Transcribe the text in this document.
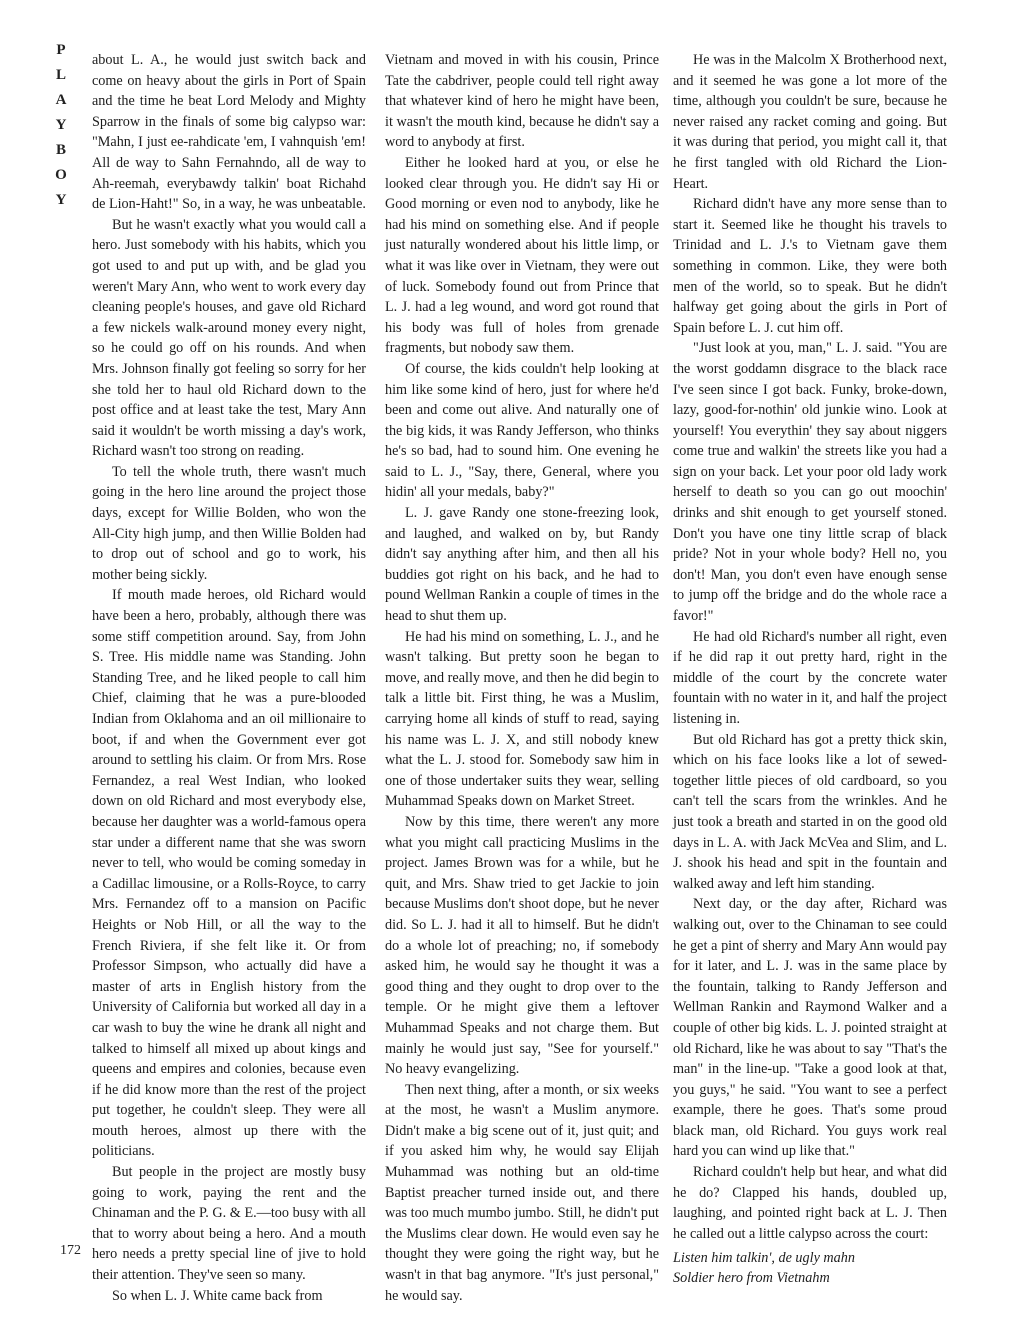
P
L
A
Y
B
O
Y

about L. A., he would just switch back and come on heavy about the girls in Port of Spain and the time he beat Lord Melody and Mighty Sparrow in the finals of some big calypso war: "Mahn, I just ee-rahdicate 'em, I vahnquish 'em! All de way to Sahn Fernahndo, all de way to Ah-reemah, everybawdy talkin' boat Richahd de Lion-Haht!" So, in a way, he was unbeatable.

But he wasn't exactly what you would call a hero. Just somebody with his habits, which you got used to and put up with, and be glad you weren't Mary Ann, who went to work every day cleaning people's houses, and gave old Richard a few nickels walk-around money every night, so he could go off on his rounds. And when Mrs. Johnson finally got feeling so sorry for her she told her to haul old Richard down to the post office and at least take the test, Mary Ann said it wouldn't be worth missing a day's work, Richard wasn't too strong on reading.

To tell the whole truth, there wasn't much going in the hero line around the project those days, except for Willie Bolden, who won the All-City high jump, and then Willie Bolden had to drop out of school and go to work, his mother being sickly.

If mouth made heroes, old Richard would have been a hero, probably, although there was some stiff competition around. Say, from John S. Tree. His middle name was Standing. John Standing Tree, and he liked people to call him Chief, claiming that he was a pure-blooded Indian from Oklahoma and an oil millionaire to boot, if and when the Government ever got around to settling his claim. Or from Mrs. Rose Fernandez, a real West Indian, who looked down on old Richard and most everybody else, because her daughter was a world-famous opera star under a different name that she was sworn never to tell, who would be coming someday in a Cadillac limousine, or a Rolls-Royce, to carry Mrs. Fernandez off to a mansion on Pacific Heights or Nob Hill, or all the way to the French Riviera, if she felt like it. Or from Professor Simpson, who actually did have a master of arts in English history from the University of California but worked all day in a car wash to buy the wine he drank all night and talked to himself all mixed up about kings and queens and empires and colonies, because even if he did know more than the rest of the project put together, he couldn't sleep. They were all mouth heroes, almost up there with the politicians.

But people in the project are mostly busy going to work, paying the rent and the Chinaman and the P. G. & E.—too busy with all that to worry about being a hero. And a mouth hero needs a pretty special line of jive to hold their attention. They've seen so many.

So when L. J. White came back from

Vietnam and moved in with his cousin, Prince Tate the cabdriver, people could tell right away that whatever kind of hero he might have been, it wasn't the mouth kind, because he didn't say a word to anybody at first.

Either he looked hard at you, or else he looked clear through you. He didn't say Hi or Good morning or even nod to anybody, like he had his mind on something else. And if people just naturally wondered about his little limp, or what it was like over in Vietnam, they were out of luck. Somebody found out from Prince that L. J. had a leg wound, and word got round that his body was full of holes from grenade fragments, but nobody saw them.

Of course, the kids couldn't help looking at him like some kind of hero, just for where he'd been and come out alive. And naturally one of the big kids, it was Randy Jefferson, who thinks he's so bad, had to sound him. One evening he said to L. J., "Say, there, General, where you hidin' all your medals, baby?"

L. J. gave Randy one stone-freezing look, and laughed, and walked on by, but Randy didn't say anything after him, and then all his buddies got right on his back, and he had to pound Wellman Rankin a couple of times in the head to shut them up.

He had his mind on something, L. J., and he wasn't talking. But pretty soon he began to move, and really move, and then he did begin to talk a little bit. First thing, he was a Muslim, carrying home all kinds of stuff to read, saying his name was L. J. X, and still nobody knew what the L. J. stood for. Somebody saw him in one of those undertaker suits they wear, selling Muhammad Speaks down on Market Street.

Now by this time, there weren't any more what you might call practicing Muslims in the project. James Brown was for a while, but he quit, and Mrs. Shaw tried to get Jackie to join because Muslims don't shoot dope, but he never did. So L. J. had it all to himself. But he didn't do a whole lot of preaching; no, if somebody asked him, he would say he thought it was a good thing and they ought to drop over to the temple. Or he might give them a leftover Muhammad Speaks and not charge them. But mainly he would just say, "See for yourself." No heavy evangelizing.

Then next thing, after a month, or six weeks at the most, he wasn't a Muslim anymore. Didn't make a big scene out of it, just quit; and if you asked him why, he would say Elijah Muhammad was nothing but an old-time Baptist preacher turned inside out, and there was too much mumbo jumbo. Still, he didn't put the Muslims clear down. He would even say he thought they were going the right way, but he wasn't in that bag anymore. "It's just personal," he would say.

He was in the Malcolm X Brotherhood next, and it seemed he was gone a lot more of the time, although you couldn't be sure, because he never raised any racket coming and going. But it was during that period, you might call it, that he first tangled with old Richard the Lion-Heart.

Richard didn't have any more sense than to start it. Seemed like he thought his travels to Trinidad and L. J.'s to Vietnam gave them something in common. Like, they were both men of the world, so to speak. But he didn't halfway get going about the girls in Port of Spain before L. J. cut him off.

"Just look at you, man," L. J. said. "You are the worst goddamn disgrace to the black race I've seen since I got back. Funky, broke-down, lazy, good-for-nothin' old junkie wino. Look at yourself! You everythin' they say about niggers come true and walkin' the streets like you had a sign on your back. Let your poor old lady work herself to death so you can go out moochin' drinks and shit enough to get yourself stoned. Don't you have one tiny little scrap of black pride? Not in your whole body? Hell no, you don't! Man, you don't even have enough sense to jump off the bridge and do the whole race a favor!"

He had old Richard's number all right, even if he did rap it out pretty hard, right in the middle of the court by the concrete water fountain with no water in it, and half the project listening in.

But old Richard has got a pretty thick skin, which on his face looks like a lot of sewed-together little pieces of old cardboard, so you can't tell the scars from the wrinkles. And he just took a breath and started in on the good old days in L. A. with Jack McVea and Slim, and L. J. shook his head and spit in the fountain and walked away and left him standing.

Next day, or the day after, Richard was walking out, over to the Chinaman to see could he get a pint of sherry and Mary Ann would pay for it later, and L. J. was in the same place by the fountain, talking to Randy Jefferson and Wellman Rankin and Raymond Walker and a couple of other big kids. L. J. pointed straight at old Richard, like he was about to say "That's the man" in the line-up. "Take a good look at that, you guys," he said. "You want to see a perfect example, there he goes. That's some proud black man, old Richard. You guys work real hard you can wind up like that."

Richard couldn't help but hear, and what did he do? Clapped his hands, doubled up, laughing, and pointed right back at L. J. Then he called out a little calypso across the court:

Listen him talkin', de ugly mahn

Soldier hero from Vietnahm

172
